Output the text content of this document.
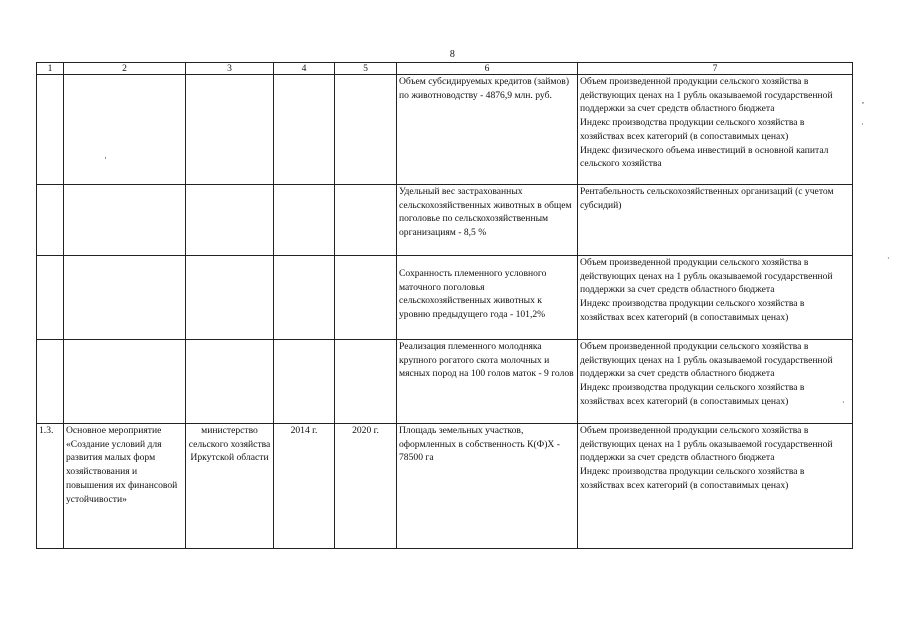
8
1	2	3	4	5	6	7
					Объем субсидируемых кредитов (займов) по животноводству - 4876,9 млн. руб.	Объем произведенной продукции сельского хозяйства в действующих ценах на 1 рубль оказываемой государственной поддержки за счет средств областного бюджета
Индекс производства продукции сельского хозяйства в хозяйствах всех категорий (в сопоставимых ценах)
Индекс физического объема инвестиций в основной капитал сельского хозяйства

					Удельный вес застрахованных сельскохозяйственных животных в общем поголовье по сельскохозяйственным организациям - 8,5 %	Рентабельность сельскохозяйственных организаций (с учетом субсидий)

					Сохранность племенного условного маточного поголовья сельскохозяйственных животных к уровню предыдущего года - 101,2%	Объем произведенной продукции сельского хозяйства в действующих ценах на 1 рубль оказываемой государственной поддержки за счет средств областного бюджета
Индекс производства продукции сельского хозяйства в хозяйствах всех категорий (в сопоставимых ценах)

					Реализация племенного молодняка крупного рогатого скота молочных и мясных пород на 100 голов маток - 9 голов	Объем произведенной продукции сельского хозяйства в действующих ценах на 1 рубль оказываемой государственной поддержки за счет средств областного бюджета
Индекс производства продукции сельского хозяйства в хозяйствах всех категорий (в сопоставимых ценах)

1.3.	Основное мероприятие «Создание условий для развития малых форм хозяйствования и повышения их финансовой устойчивости»	министерство сельского хозяйства Иркутской области	2014 г.	2020 г.	Площадь земельных участков, оформленных в собственность К(Ф)Х - 78500 га	Объем произведенной продукции сельского хозяйства в действующих ценах на 1 рубль оказываемой государственной поддержки за счет средств областного бюджета
Индекс производства продукции сельского хозяйства в хозяйствах всех категорий (в сопоставимых ценах)
·
,
·
·
·
